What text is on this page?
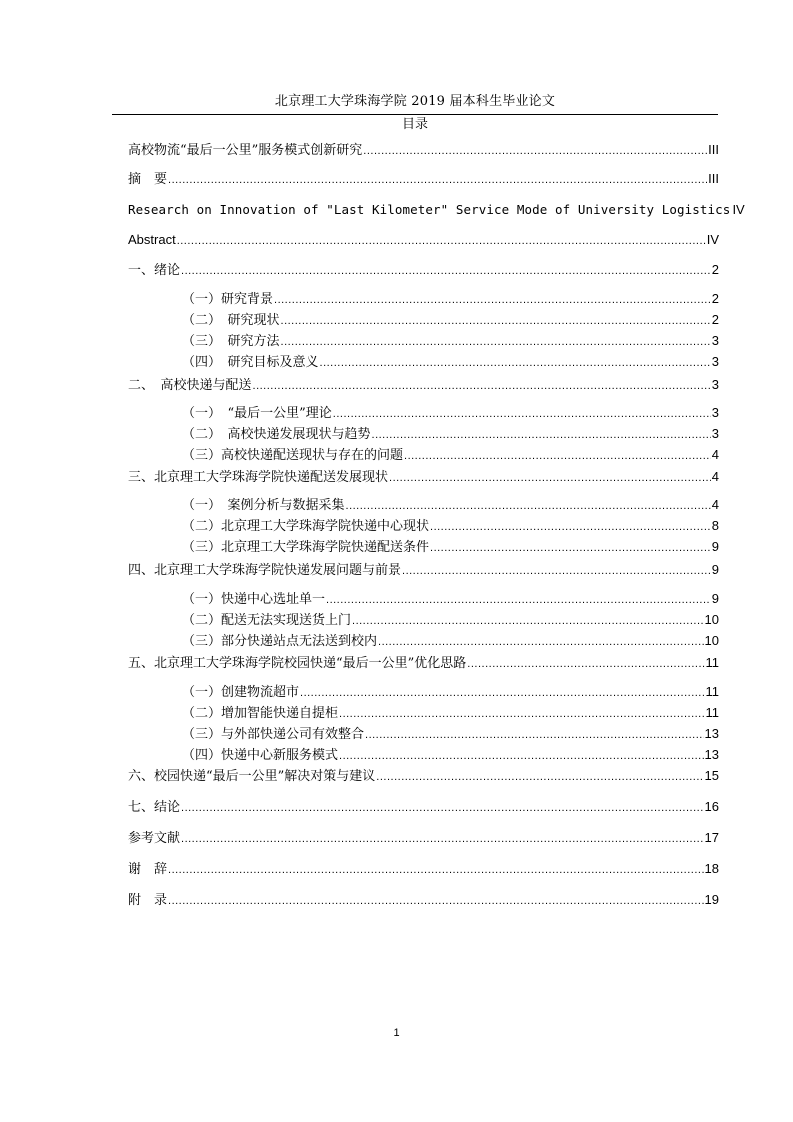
北京理工大学珠海学院 2019 届本科生毕业论文
目录
高校物流“最后一公里”服务模式创新研究 .....	III
摘　要 .....	III
Research on Innovation of "Last Kilometer" Service Mode of University Logistics IV
Abstract .....	IV
一、绪论 .....	2
（一）研究背景 .....	2
（二）　研究现状 .....	2
（三）　研究方法 .....	3
（四）　研究目标及意义 .....	3
二、　高校快递与配送 .....	3
（一）　“最后一公里”理论 .....	3
（二）　高校快递发展现状与趋势 .....	3
（三）高校快递配送现状与存在的问题 .....	4
三、北京理工大学珠海学院快递配送发展现状 .....	4
（一）　案例分析与数据采集 .....	4
（二）北京理工大学珠海学院快递中心现状 .....	8
（三）北京理工大学珠海学院快递配送条件 .....	9
四、北京理工大学珠海学院快递发展问题与前景 .....	9
（一）快递中心选址单一 .....	9
（二）配送无法实现送货上门 .....	10
（三）部分快递站点无法送到校内 .....	10
五、北京理工大学珠海学院校园快递“最后一公里”优化思路 .....	11
（一）创建物流超市 .....	11
（二）增加智能快递自提柜 .....	11
（三）与外部快递公司有效整合 .....	13
（四）快递中心新服务模式 .....	13
六、校园快递“最后一公里”解决对策与建议 .....	15
七、结论 .....	16
参考文献 .....	17
谢　辞 .....	18
附　录 .....	19
1
